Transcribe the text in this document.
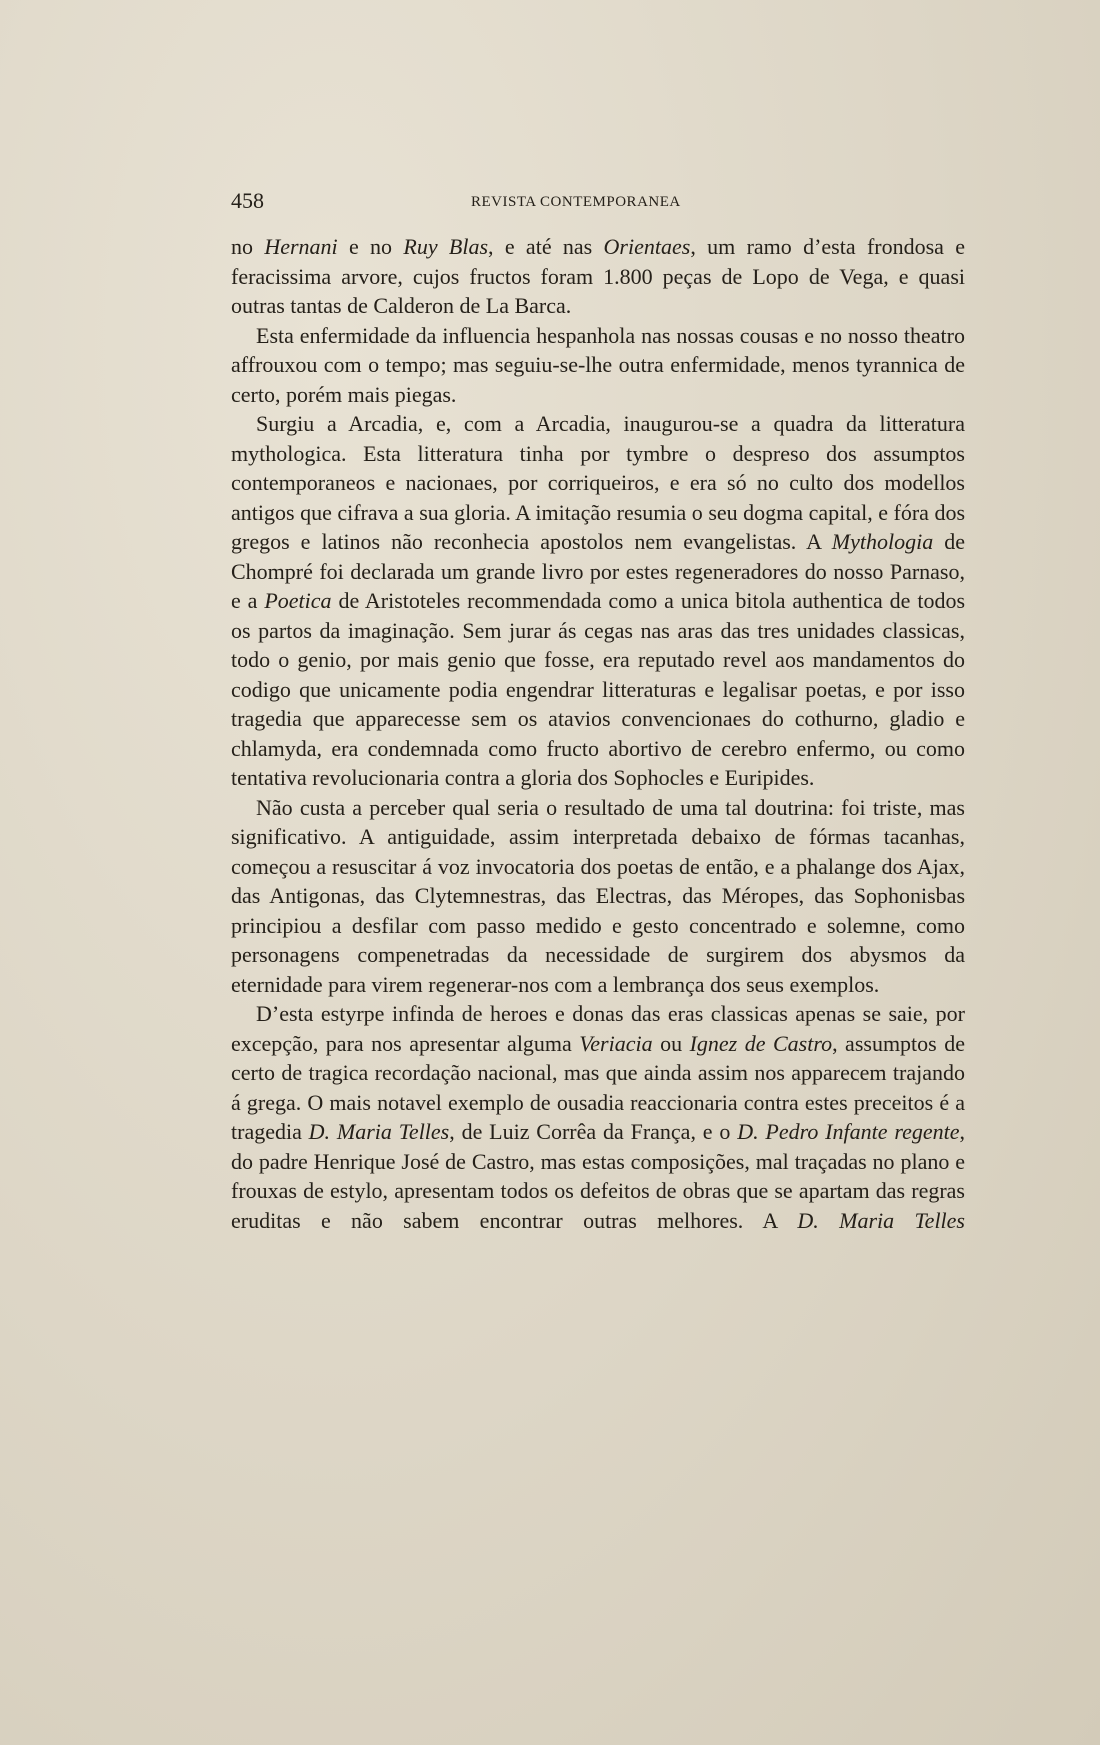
458	REVISTA CONTEMPORANEA

no Hernani e no Ruy Blas, e até nas Orientaes, um ramo d’esta frondosa e feracissima arvore, cujos fructos foram 1.800 peças de Lopo de Vega, e quasi outras tantas de Calderon de La Barca.

Esta enfermidade da influencia hespanhola nas nossas cousas e no nosso theatro affrouxou com o tempo; mas seguiu-se-lhe outra enfermidade, menos tyrannica de certo, porém mais piegas.

Surgiu a Arcadia, e, com a Arcadia, inaugurou-se a quadra da litteratura mythologica. Esta litteratura tinha por tymbre o despreso dos assumptos contemporaneos e nacionaes, por corriqueiros, e era só no culto dos modellos antigos que cifrava a sua gloria. A imitação resumia o seu dogma capital, e fóra dos gregos e latinos não reconhecia apostolos nem evangelistas. A Mythologia de Chompré foi declarada um grande livro por estes regeneradores do nosso Parnaso, e a Poetica de Aristoteles recommendada como a unica bitola authentica de todos os partos da imaginação. Sem jurar ás cegas nas aras das tres unidades classicas, todo o genio, por mais genio que fosse, era reputado revel aos mandamentos do codigo que unicamente podia engendrar litteraturas e legalisar poetas, e por isso tragedia que apparecesse sem os atavios convencionaes do cothurno, gladio e chlamyda, era condemnada como fructo abortivo de cerebro enfermo, ou como tentativa revolucionaria contra a gloria dos Sophocles e Euripides.

Não custa a perceber qual seria o resultado de uma tal doutrina: foi triste, mas significativo. A antiguidade, assim interpretada debaixo de fórmas tacanhas, começou a resuscitar á voz invocatoria dos poetas de então, e a phalange dos Ajax, das Antigonas, das Clytemnestras, das Electras, das Méropes, das Sophonisbas principiou a desfilar com passo medido e gesto concentrado e solemne, como personagens compenetradas da necessidade de surgirem dos abysmos da eternidade para virem regenerar-nos com a lembrança dos seus exemplos.

D’esta estyrpe infinda de heroes e donas das eras classicas apenas se saie, por excepção, para nos apresentar alguma Veriacia ou Ignez de Castro, assumptos de certo de tragica recordação nacional, mas que ainda assim nos apparecem trajando á grega. O mais notavel exemplo de ousadia reaccionaria contra estes preceitos é a tragedia D. Maria Telles, de Luiz Corrêa da França, e o D. Pedro Infante regente, do padre Henrique José de Castro, mas estas composições, mal traçadas no plano e frouxas de estylo, apresentam todos os defeitos de obras que se apartam das regras eruditas e não sabem encontrar outras melhores. A D. Maria Telles
